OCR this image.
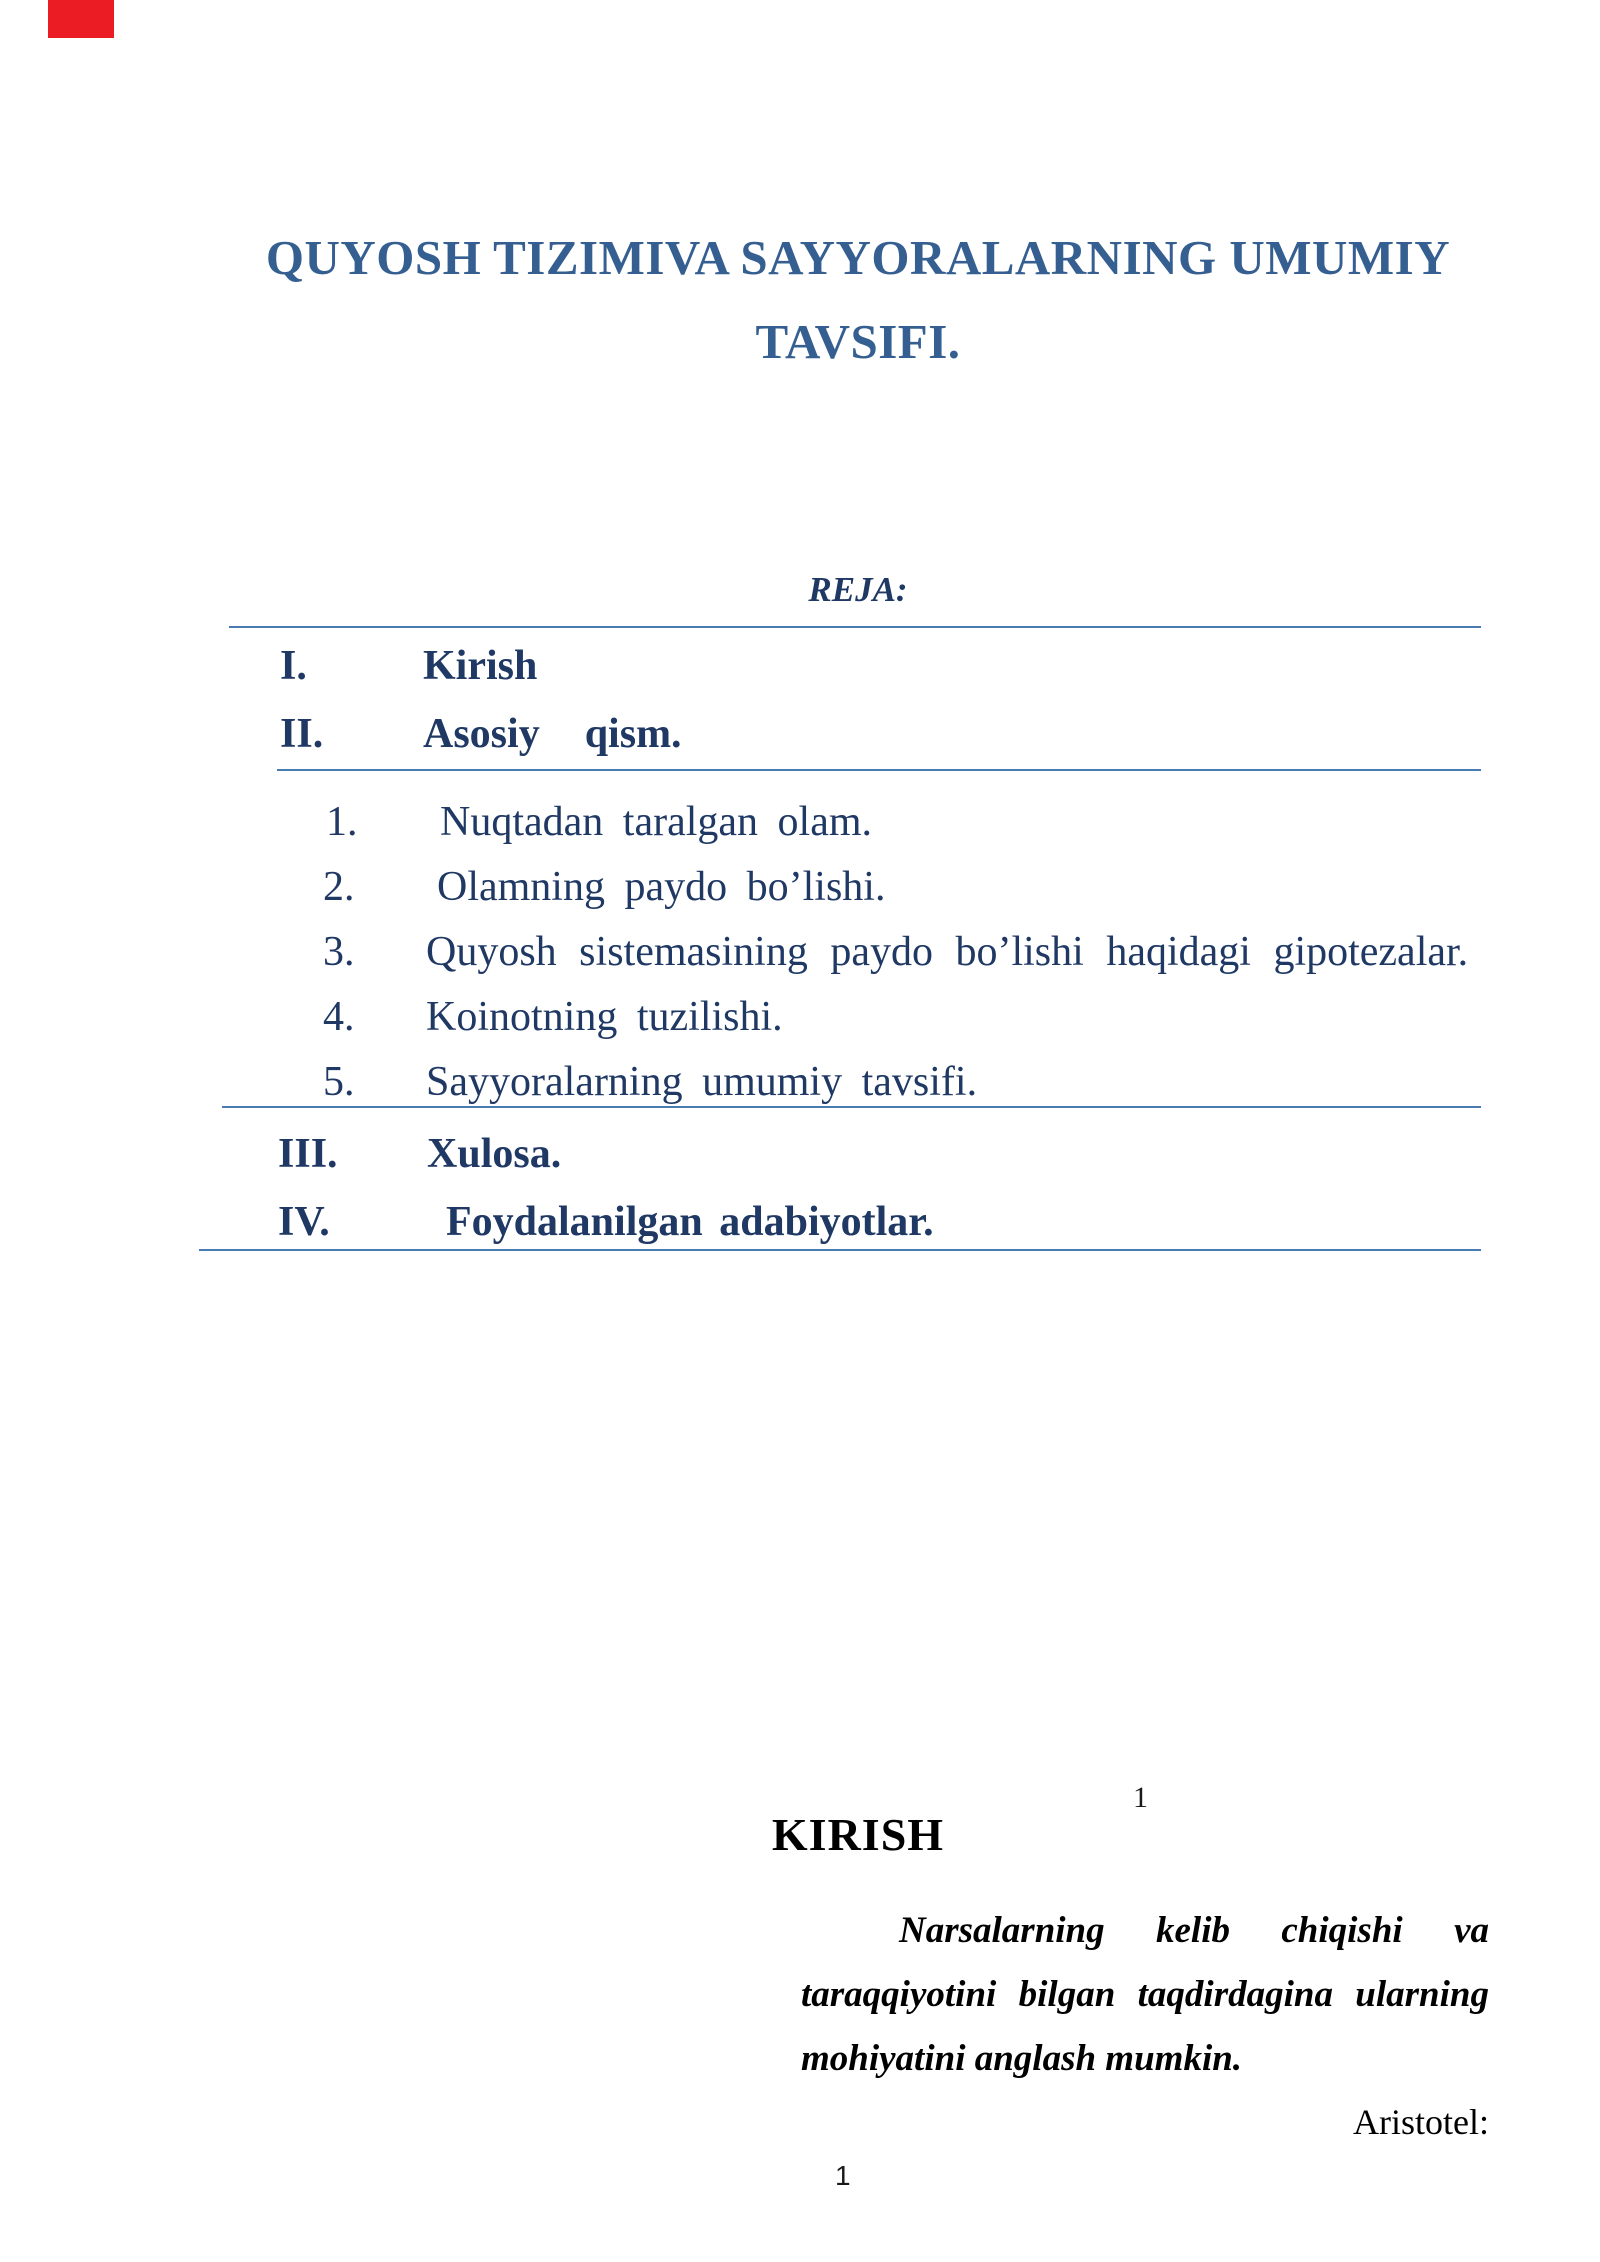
QUYOSH TIZIMIVA SAYYORALARNING UMUMIY
TAVSIFI.
REJA:
I.	Kirish
II. Asosiy qism.
1. Nuqtadan taralgan olam.
2. Olamning paydo bo’lishi.
3. Quyosh sistemasining paydo bo’lishi haqidagi gipotezalar.
4. Koinotning tuzilishi.
5. Sayyoralarning umumiy tavsifi.
III. Xulosa.
IV.	Foydalanilgan adabiyotlar.
1
KIRISH
Narsalarning kelib chiqishi va taraqqiyotini bilgan taqdirdagina ularning mohiyatini anglash mumkin.
Aristotel:
1
